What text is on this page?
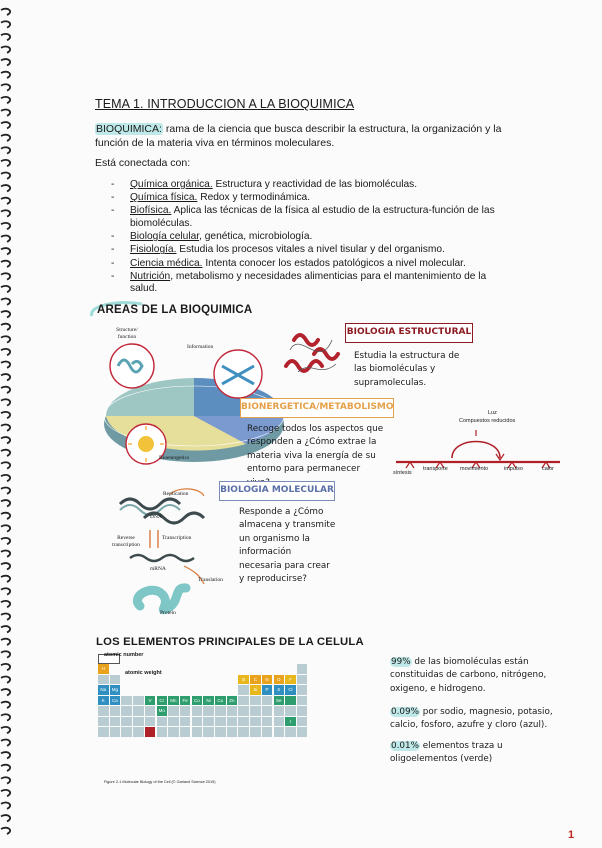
TEMA 1. INTRODUCCION A LA BIOQUIMICA
BIOQUIMICA: rama de la ciencia que busca describir la estructura, la organización y la función de la materia viva en términos moleculares.
Está conectada con:
- Química orgánica. Estructura y reactividad de las biomoléculas.
- Química física. Redox y termodinámica.
- Biofísica. Aplica las técnicas de la física al estudio de la estructura-función de las biomoléculas.
- Biología celular, genética, microbiología.
- Fisiología. Estudia los procesos vitales a nivel tisular y del organismo.
- Ciencia médica. Intenta conocer los estados patológicos a nivel molecular.
- Nutrición, metabolismo y necesidades alimenticias para el mantenimiento de la salud.
AREAS DE LA BIOQUIMICA
Structure/ function
Information
Bioenergetics
BIOLOGIA ESTRUCTURAL
Estudia la estructura de las biomoléculas y supramoleculas.
BIONERGETICA/METABOLISMO
Recoge todos los aspectos que responden a ¿Cómo extrae la materia viva la energía de su entorno para permanecer
Luz
Compuestos reducidos
síntesis
transporte movimiento	impulso	calor
BIOLOGIA MOLECULAR
Responde a ¿Cómo almacena y transmite un organismo la información necesaria para crear y reproducirse?
Replication
DNA
Reverse transcription
Transcription
mRNA
Translation
Protein
LOS ELEMENTOS PRINCIPALES DE LA CELULA
H
B	C	N	O	F
Na	Mg	Si	P	S	Cl
K	Ca	V	Cr	Mn	Fe	Co	Ni	Cu	Zn	Se
Mo
I
atomic number
atomic weight
Figure 2-1 Molecular Biology of the Cell (© Garland Science 2015)
99% de las biomoléculas están constituidas de carbono, nitrógeno, oxigeno, e hidrogeno.
0.09% por sodio, magnesio, potasio, calcio, fosforo, azufre y cloro (azul).
0.01% elementos traza u oligoelementos (verde)
1
